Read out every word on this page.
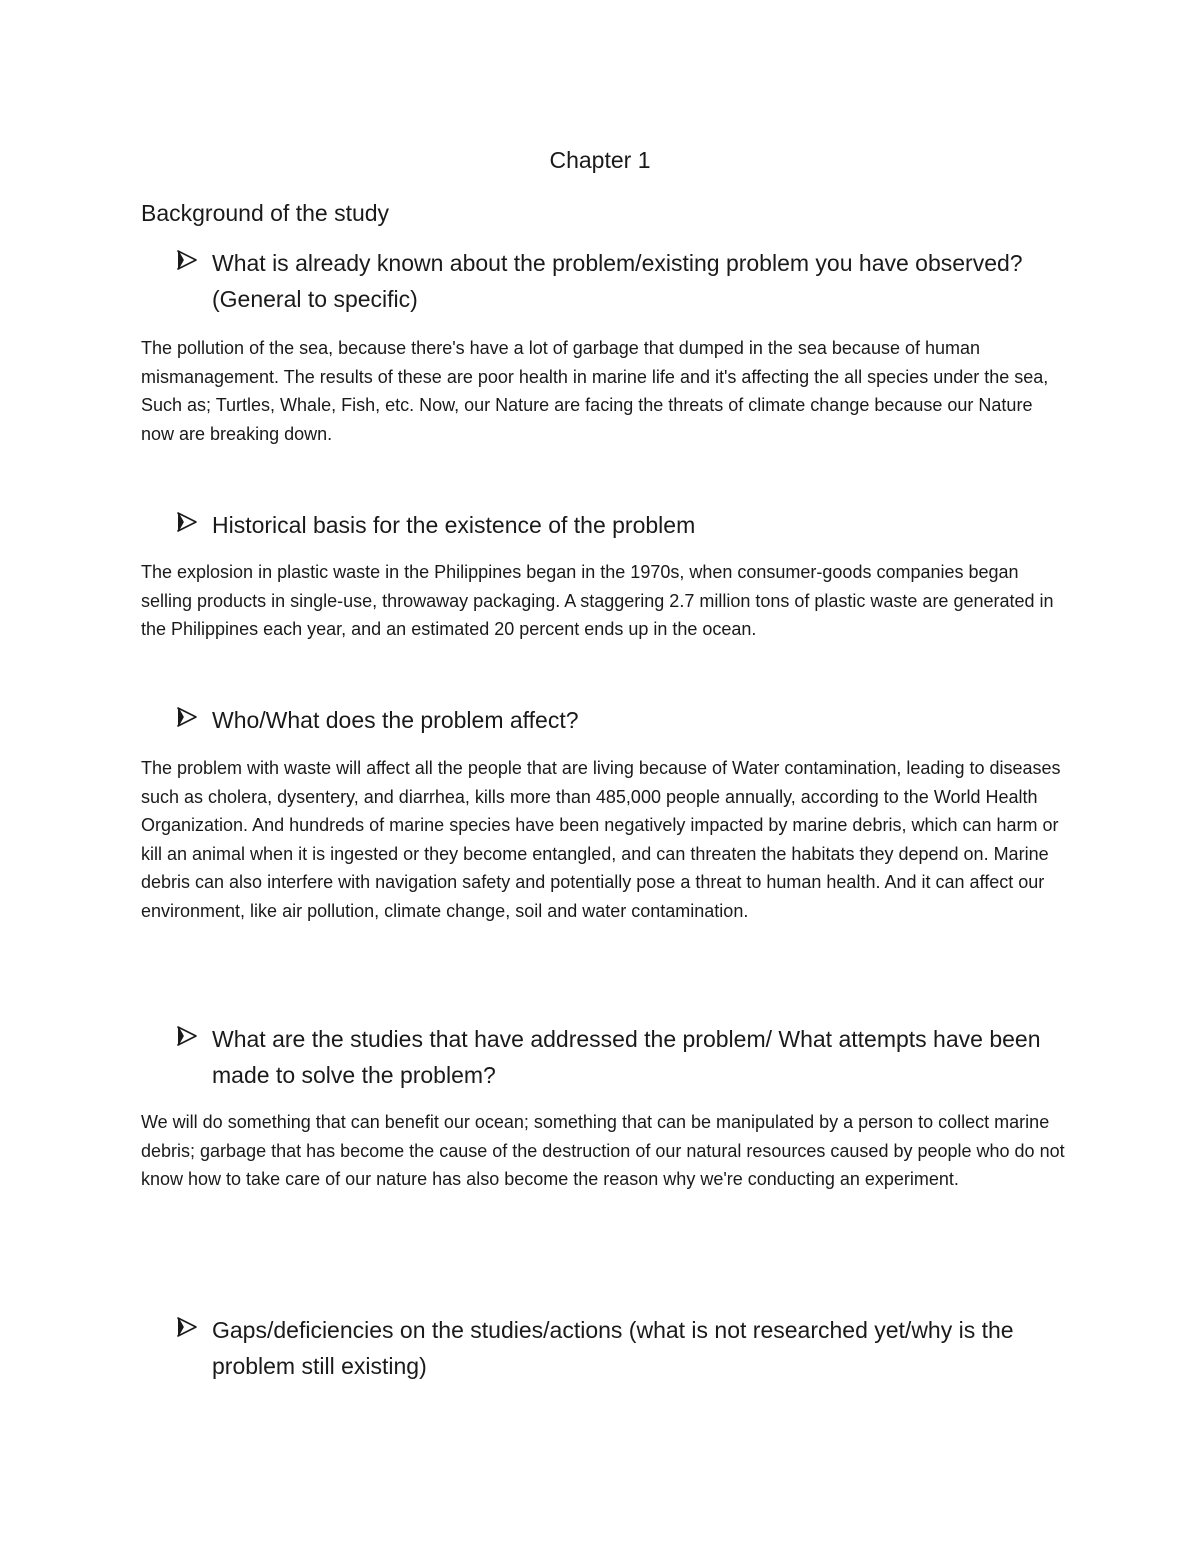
Chapter 1
Background of the study
What is already known about the problem/existing problem you have observed? (General to specific)

The pollution of the sea, because there's have a lot of garbage that dumped in the sea because of human mismanagement. The results of these are poor health in marine life and it's affecting the all species under the sea, Such as; Turtles, Whale, Fish, etc. Now, our Nature are facing the threats of climate change because our Nature now are breaking down.

Historical basis for the existence of the problem

The explosion in plastic waste in the Philippines began in the 1970s, when consumer-goods companies began selling products in single-use, throwaway packaging. A staggering 2.7 million tons of plastic waste are generated in the Philippines each year, and an estimated 20 percent ends up in the ocean.

Who/What does the problem affect?

The problem with waste will affect all the people that are living because of Water contamination, leading to diseases such as cholera, dysentery, and diarrhea, kills more than 485,000 people annually, according to the World Health Organization. And hundreds of marine species have been negatively impacted by marine debris, which can harm or kill an animal when it is ingested or they become entangled, and can threaten the habitats they depend on. Marine debris can also interfere with navigation safety and potentially pose a threat to human health. And it can affect our environment, like air pollution, climate change, soil and water contamination.

What are the studies that have addressed the problem/ What attempts have been made to solve the problem?

We will do something that can benefit our ocean; something that can be manipulated by a person to collect marine debris; garbage that has become the cause of the destruction of our natural resources caused by people who do not know how to take care of our nature has also become the reason why we're conducting an experiment.

Gaps/deficiencies on the studies/actions (what is not researched yet/why is the problem still existing)
